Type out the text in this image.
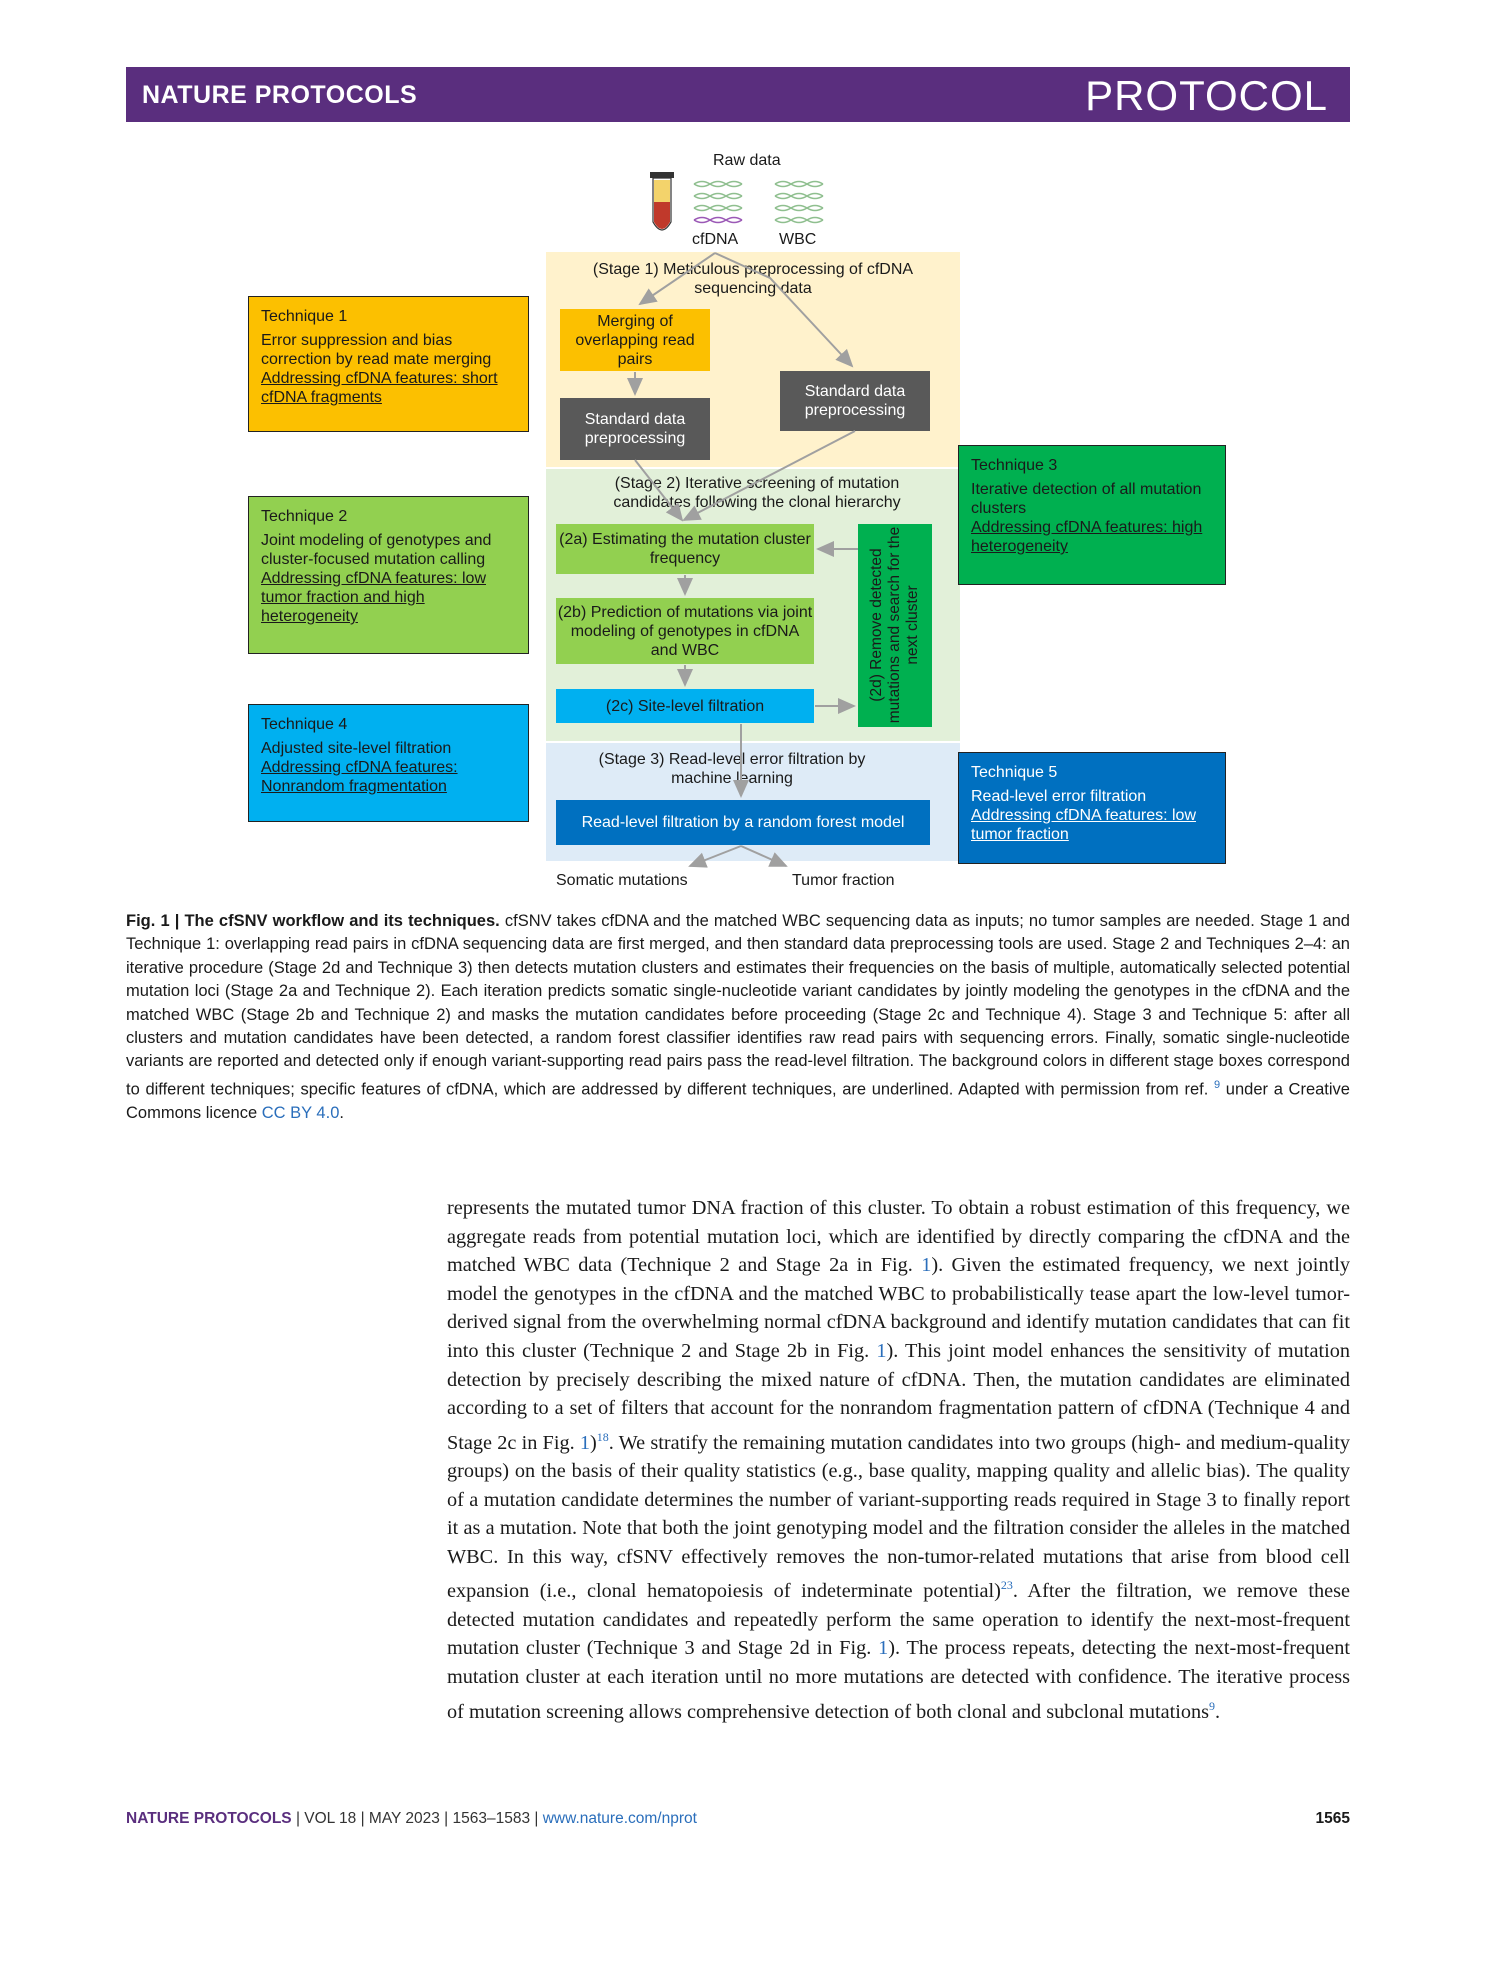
NATURE PROTOCOLS	PROTOCOL
Raw data
cfDNA	WBC
(Stage 1) Meticulous preprocessing of cfDNA sequencing data
Merging of overlapping read pairs
Standard data preprocessing
Standard data preprocessing
(Stage 2) Iterative screening of mutation candidates following the clonal hierarchy
(2a) Estimating the mutation cluster frequency
(2b) Prediction of mutations via joint modeling of genotypes in cfDNA and WBC
(2c) Site-level filtration
(2d) Remove detected mutations and search for the next cluster
(Stage 3) Read-level error filtration by machine learning
Read-level filtration by a random forest model
Somatic mutations	Tumor fraction
Technique 1
Error suppression and bias correction by read mate merging
Addressing cfDNA features: short cfDNA fragments
Technique 2
Joint modeling of genotypes and cluster-focused mutation calling
Addressing cfDNA features: low tumor fraction and high heterogeneity
Technique 3
Iterative detection of all mutation clusters
Addressing cfDNA features: high heterogeneity
Technique 4
Adjusted site-level filtration
Addressing cfDNA features: Nonrandom fragmentation
Technique 5
Read-level error filtration
Addressing cfDNA features: low tumor fraction
Fig. 1 | The cfSNV workflow and its techniques. cfSNV takes cfDNA and the matched WBC sequencing data as inputs; no tumor samples are needed. Stage 1 and Technique 1: overlapping read pairs in cfDNA sequencing data are first merged, and then standard data preprocessing tools are used. Stage 2 and Techniques 2–4: an iterative procedure (Stage 2d and Technique 3) then detects mutation clusters and estimates their frequencies on the basis of multiple, automatically selected potential mutation loci (Stage 2a and Technique 2). Each iteration predicts somatic single-nucleotide variant candidates by jointly modeling the genotypes in the cfDNA and the matched WBC (Stage 2b and Technique 2) and masks the mutation candidates before proceeding (Stage 2c and Technique 4). Stage 3 and Technique 5: after all clusters and mutation candidates have been detected, a random forest classifier identifies raw read pairs with sequencing errors. Finally, somatic single-nucleotide variants are reported and detected only if enough variant-supporting read pairs pass the read-level filtration. The background colors in different stage boxes correspond to different techniques; specific features of cfDNA, which are addressed by different techniques, are underlined. Adapted with permission from ref. $^9$ under a Creative Commons licence CC BY 4.0.
represents the mutated tumor DNA fraction of this cluster. To obtain a robust estimation of this frequency, we aggregate reads from potential mutation loci, which are identified by directly comparing the cfDNA and the matched WBC data (Technique 2 and Stage 2a in Fig. 1). Given the estimated frequency, we next jointly model the genotypes in the cfDNA and the matched WBC to probabilistically tease apart the low-level tumor-derived signal from the overwhelming normal cfDNA background and identify mutation candidates that can fit into this cluster (Technique 2 and Stage 2b in Fig. 1). This joint model enhances the sensitivity of mutation detection by precisely describing the mixed nature of cfDNA. Then, the mutation candidates are eliminated according to a set of filters that account for the nonrandom fragmentation pattern of cfDNA (Technique 4 and Stage 2c in Fig. 1)$^{18}$. We stratify the remaining mutation candidates into two groups (high- and medium-quality groups) on the basis of their quality statistics (e.g., base quality, mapping quality and allelic bias). The quality of a mutation candidate determines the number of variant-supporting reads required in Stage 3 to finally report it as a mutation. Note that both the joint genotyping model and the filtration consider the alleles in the matched WBC. In this way, cfSNV effectively removes the non-tumor-related mutations that arise from blood cell expansion (i.e., clonal hematopoiesis of indeterminate potential)$^{23}$. After the filtration, we remove these detected mutation candidates and repeatedly perform the same operation to identify the next-most-frequent mutation cluster (Technique 3 and Stage 2d in Fig. 1). The process repeats, detecting the next-most-frequent mutation cluster at each iteration until no more mutations are detected with confidence. The iterative process of mutation screening allows comprehensive detection of both clonal and subclonal mutations$^9$.
NATURE PROTOCOLS | VOL 18 | MAY 2023 | 1563–1583 | www.nature.com/nprot	1565
